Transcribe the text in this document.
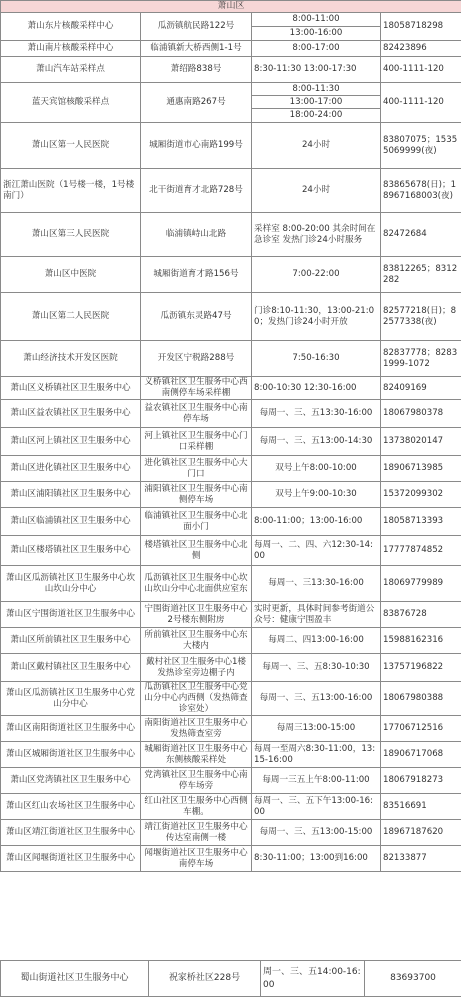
萧山区			
萧山东片核酸采样中心	瓜沥镇航民路122号	8:00-11:00	18058718298
		13:00-16:00	
萧山南片核酸采样中心	临浦镇新大桥西侧1-1号	8:00-17:00	82423896
萧山汽车站采样点	萧绍路838号	8:30-11:30 13:00-17:30	400-1111-120
蓝天宾馆核酸采样点	通惠南路267号	8:00-11:30	400-1111-120
		13:00-17:00	
		18:00-24:00	
萧山区第一人民医院	城厢街道市心南路199号	24小时	83807075；15355069999(夜)
浙江萧山医院（1号楼一楼，1号楼南门）	北干街道育才北路728号	24小时	83865678(日)；18967168003(夜)
萧山区第三人民医院	临浦镇峙山北路	采样室 8:00-20:00 其余时间在急诊室 发热门诊24小时服务	82472684
萧山区中医院	城厢街道育才路156号	7:00-22:00	83812265；8312282
萧山区第二人民医院	瓜沥镇东灵路47号	门诊8:10-11:30，13:00-21:00；发热门诊24小时开放	82577218(日)；82577338(夜)
萧山经济技术开发区医院	开发区宁税路288号	7:50-16:30	82837778；82831999-1072
萧山区义桥镇社区卫生服务中心	义桥镇社区卫生服务中心西南侧停车场采样棚	8:00-10:30 12:30-16:00	82409169
萧山区益农镇社区卫生服务中心	益农镇社区卫生服务中心南停车场	每周一、三、五13:30-16:00	18067980378
萧山区河上镇社区卫生服务中心	河上镇社区卫生服务中心门口采样棚	每周一、三、五13:00-14:30	13738020147
萧山区进化镇社区卫生服务中心	进化镇社区卫生服务中心大门口	双号上午8:00-10:00	18906713985
萧山区浦阳镇社区卫生服务中心	浦阳镇社区卫生服务中心南侧停车场	双号上午9:00-10:30	15372099302
萧山区临浦镇社区卫生服务中心	临浦镇社区卫生服务中心北面小门	8:00-11:00；13:00-16:00	18058713393
萧山区楼塔镇社区卫生服务中心	楼塔镇社区卫生服务中心北侧	每周一、二、四、六12:30-14:00	17777874852
萧山区瓜沥镇社区卫生服务中心坎山坎山分中心	瓜沥镇社区卫生服务中心坎山坎山分中心北面供应室东	每周一、三13:30-16:00	18069779989
萧山区宁围街道社区卫生服务中心	宁围街道社区卫生服务中心2号楼东侧附房	实时更新，具体时间参考街道公众号：健康宁围盈丰	83876728
萧山区所前镇社区卫生服务中心	所前镇社区卫生服务中心东大楼内	每周二、四13:00-16:00	15988162316
萧山区戴村镇社区卫生服务中心	戴村社区卫生服务中心1楼发热诊室旁边棚子内	每周一、三、五8:30-10:30	13757196822
萧山区瓜沥镇社区卫生服务中心党山分中心	瓜沥镇社区卫生服务中心党山分中心内西侧（发热筛查诊室处）	每周一、三、五13:00-16:00	18067980388
萧山区南阳街道社区卫生服务中心	南阳街道社区卫生服务中心发热筛查室旁	每周三13:00-15:00	17706712516
萧山区城厢街道社区卫生服务中心	城厢街道社区卫生服务中心东侧核酸采样处	每周一至周六8:30-11:00，13:15-16:00	18906717068
萧山区党湾镇社区卫生服务中心	党湾镇社区卫生服务中心南停车场旁	每周一三五上午8:00-11:00	18067918273
萧山区红山农场社区卫生服务中心	红山社区卫生服务中心西侧车棚。	每周一、三、五下午13:00-16:00	83516691
萧山区靖江街道社区卫生服务中心	靖江街道社区卫生服务中心传达室南侧一楼	每周一、三、五13:00-15:00	18967187620
萧山区闻堰街道社区卫生服务中心	闻堰街道社区卫生服务中心南停车场	8:30-11:00；13:00到16:00	82133877
蜀山街道社区卫生服务中心	祝家桥社区228号	周一、三、五14:00-16:00	83693700
